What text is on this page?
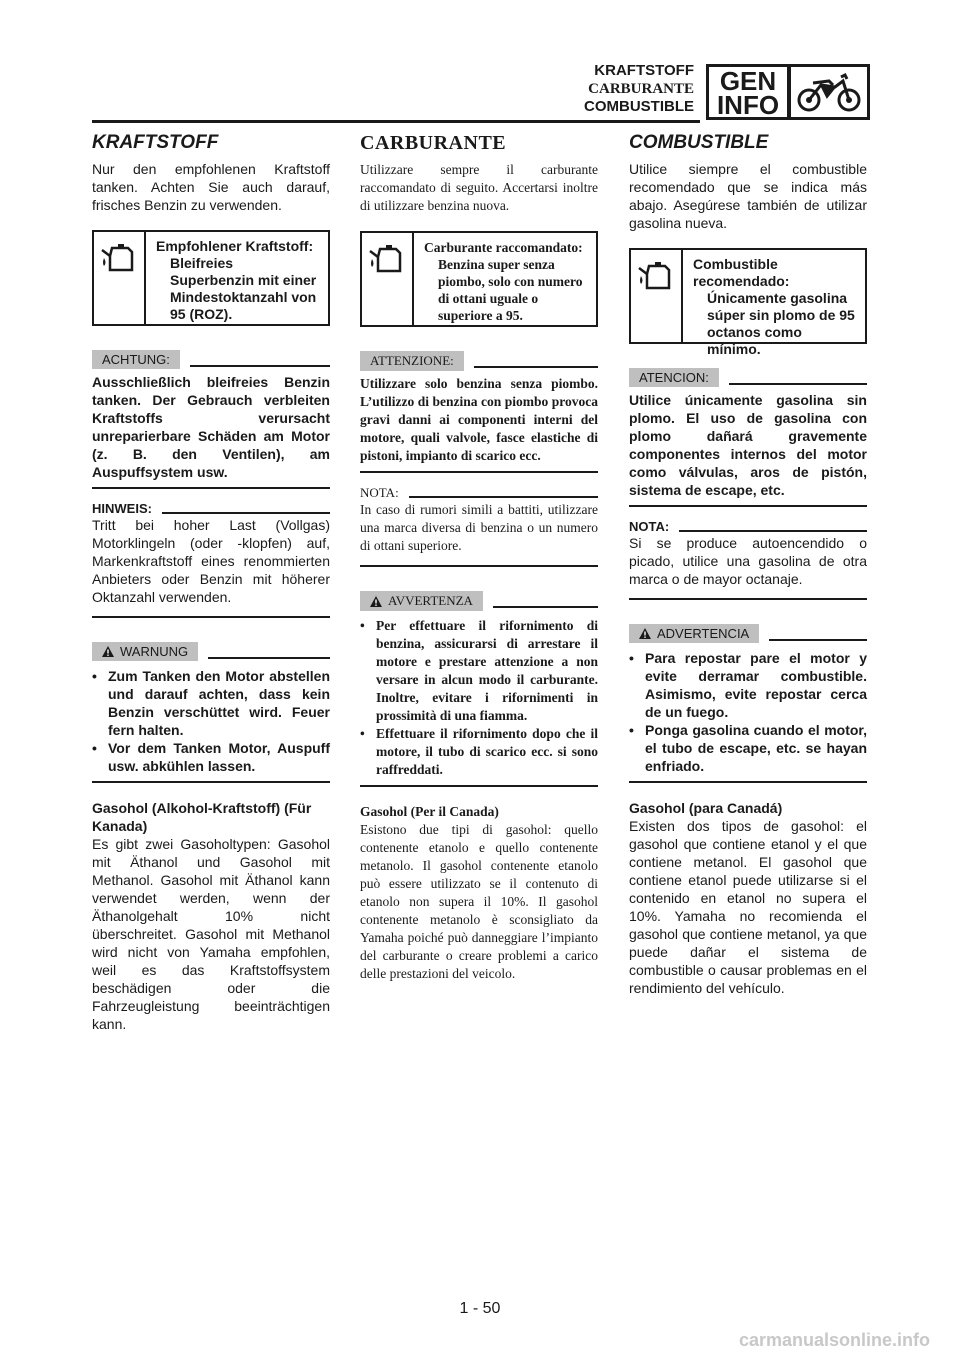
KRAFTSTOFF
CARBURANTE
COMBUSTIBLE
GEN
INFO
KRAFTSTOFF

Nur den empfohlenen Kraftstoff tanken. Achten Sie auch darauf, frisches Benzin zu verwenden.

Empfohlener Kraftstoff:
Bleifreies Superbenzin mit einer Mindestoktanzahl von 95 (ROZ).
ACHTUNG:

Ausschließlich bleifreies Benzin tanken. Der Gebrauch verbleiten Kraftstoffs verursacht unreparierbare Schäden am Motor (z. B. den Ventilen), am Auspuffsystem usw.

HINWEIS:

Tritt bei hoher Last (Vollgas) Motorklingeln (oder -klopfen) auf, Markenkraftstoff eines renommierten Anbieters oder Benzin mit höherer Oktanzahl verwenden.

WARNUNG
• Zum Tanken den Motor abstellen und darauf achten, dass kein Benzin verschüttet wird. Feuer fern halten.
• Vor dem Tanken Motor, Auspuff usw. abkühlen lassen.

Gasohol (Alkohol-Kraftstoff) (Für Kanada)

Es gibt zwei Gasoholtypen: Gasohol mit Äthanol und Gasohol mit Methanol. Gasohol mit Äthanol kann verwendet werden, wenn der Äthanolgehalt 10% nicht überschreitet. Gasohol mit Methanol wird nicht von Yamaha empfohlen, weil es das Kraftstoffsystem beschädigen oder die Fahrzeugleistung beeinträchtigen kann.

CARBURANTE

Utilizzare sempre il carburante raccomandato di seguito. Accertarsi inoltre di utilizzare benzina nuova.

Carburante raccomandato:
Benzina super senza piombo, solo con numero di ottani uguale o superiore a 95.
ATTENZIONE:

Utilizzare solo benzina senza piombo. L’utilizzo di benzina con piombo provoca gravi danni ai componenti interni del motore, quali valvole, fasce elastiche di pistoni, impianto di scarico ecc.

NOTA:

In caso di rumori simili a battiti, utilizzare una marca diversa di benzina o un numero di ottani superiore.

AVVERTENZA
• Per effettuare il rifornimento di benzina, assicurarsi di arrestare il motore e prestare attenzione a non versare in alcun modo il carburante. Inoltre, evitare i rifornimenti in prossimità di una fiamma.
• Effettuare il rifornimento dopo che il motore, il tubo di scarico ecc. si sono raffreddati.

Gasohol (Per il Canada)

Esistono due tipi di gasohol: quello contenente etanolo e quello contenente metanolo. Il gasohol contenente etanolo può essere utilizzato se il contenuto di etanolo non supera il 10%. Il gasohol contenente metanolo è sconsigliato da Yamaha poiché può danneggiare l’impianto del carburante o creare problemi a carico delle prestazioni del veicolo.

COMBUSTIBLE

Utilice siempre el combustible recomendado que se indica más abajo. Asegúrese también de utilizar gasolina nueva.

Combustible recomendado:
Únicamente gasolina súper sin plomo de 95 octanos como mínimo.
ATENCION:

Utilice únicamente gasolina sin plomo. El uso de gasolina con plomo dañará gravemente componentes internos del motor como válvulas, aros de pistón, sistema de escape, etc.

NOTA:

Si se produce autoencendido o picado, utilice una gasolina de otra marca o de mayor octanaje.

ADVERTENCIA
• Para repostar pare el motor y evite derramar combustible. Asimismo, evite repostar cerca de un fuego.
• Ponga gasolina cuando el motor, el tubo de escape, etc. se hayan enfriado.

Gasohol (para Canadá)

Existen dos tipos de gasohol: el gasohol que contiene etanol y el que contiene metanol. El gasohol que contiene etanol puede utilizarse si el contenido en etanol no supera el 10%. Yamaha no recomienda el gasohol que contiene metanol, ya que puede dañar el sistema de combustible o causar problemas en el rendimiento del vehículo.

1 - 50
carmanualsonline.info
